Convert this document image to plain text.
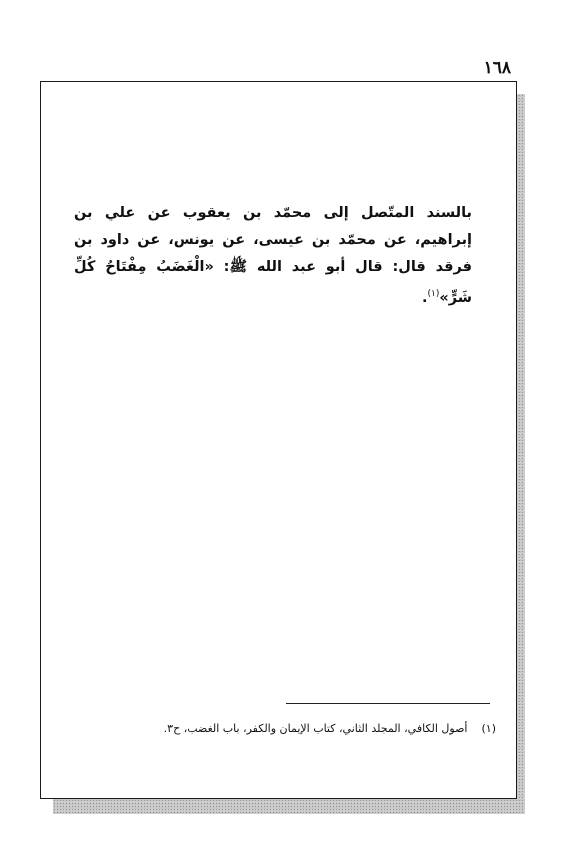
١٦٨
بالسند المتّصل إلى محمّد بن يعقوب عن علي بن إبراهيم، عن محمّد بن عيسى، عن يونس، عن داود بن فرقد قال: قال أبو عبد الله ﷺ: «الْغَضَبُ مِفْتَاحُ كُلِّ شَرٍّ»$^{(١)}$.
(١)أصول الكافي، المجلد الثاني، كتاب الإيمان والكفر، باب الغضب، ح٣.
